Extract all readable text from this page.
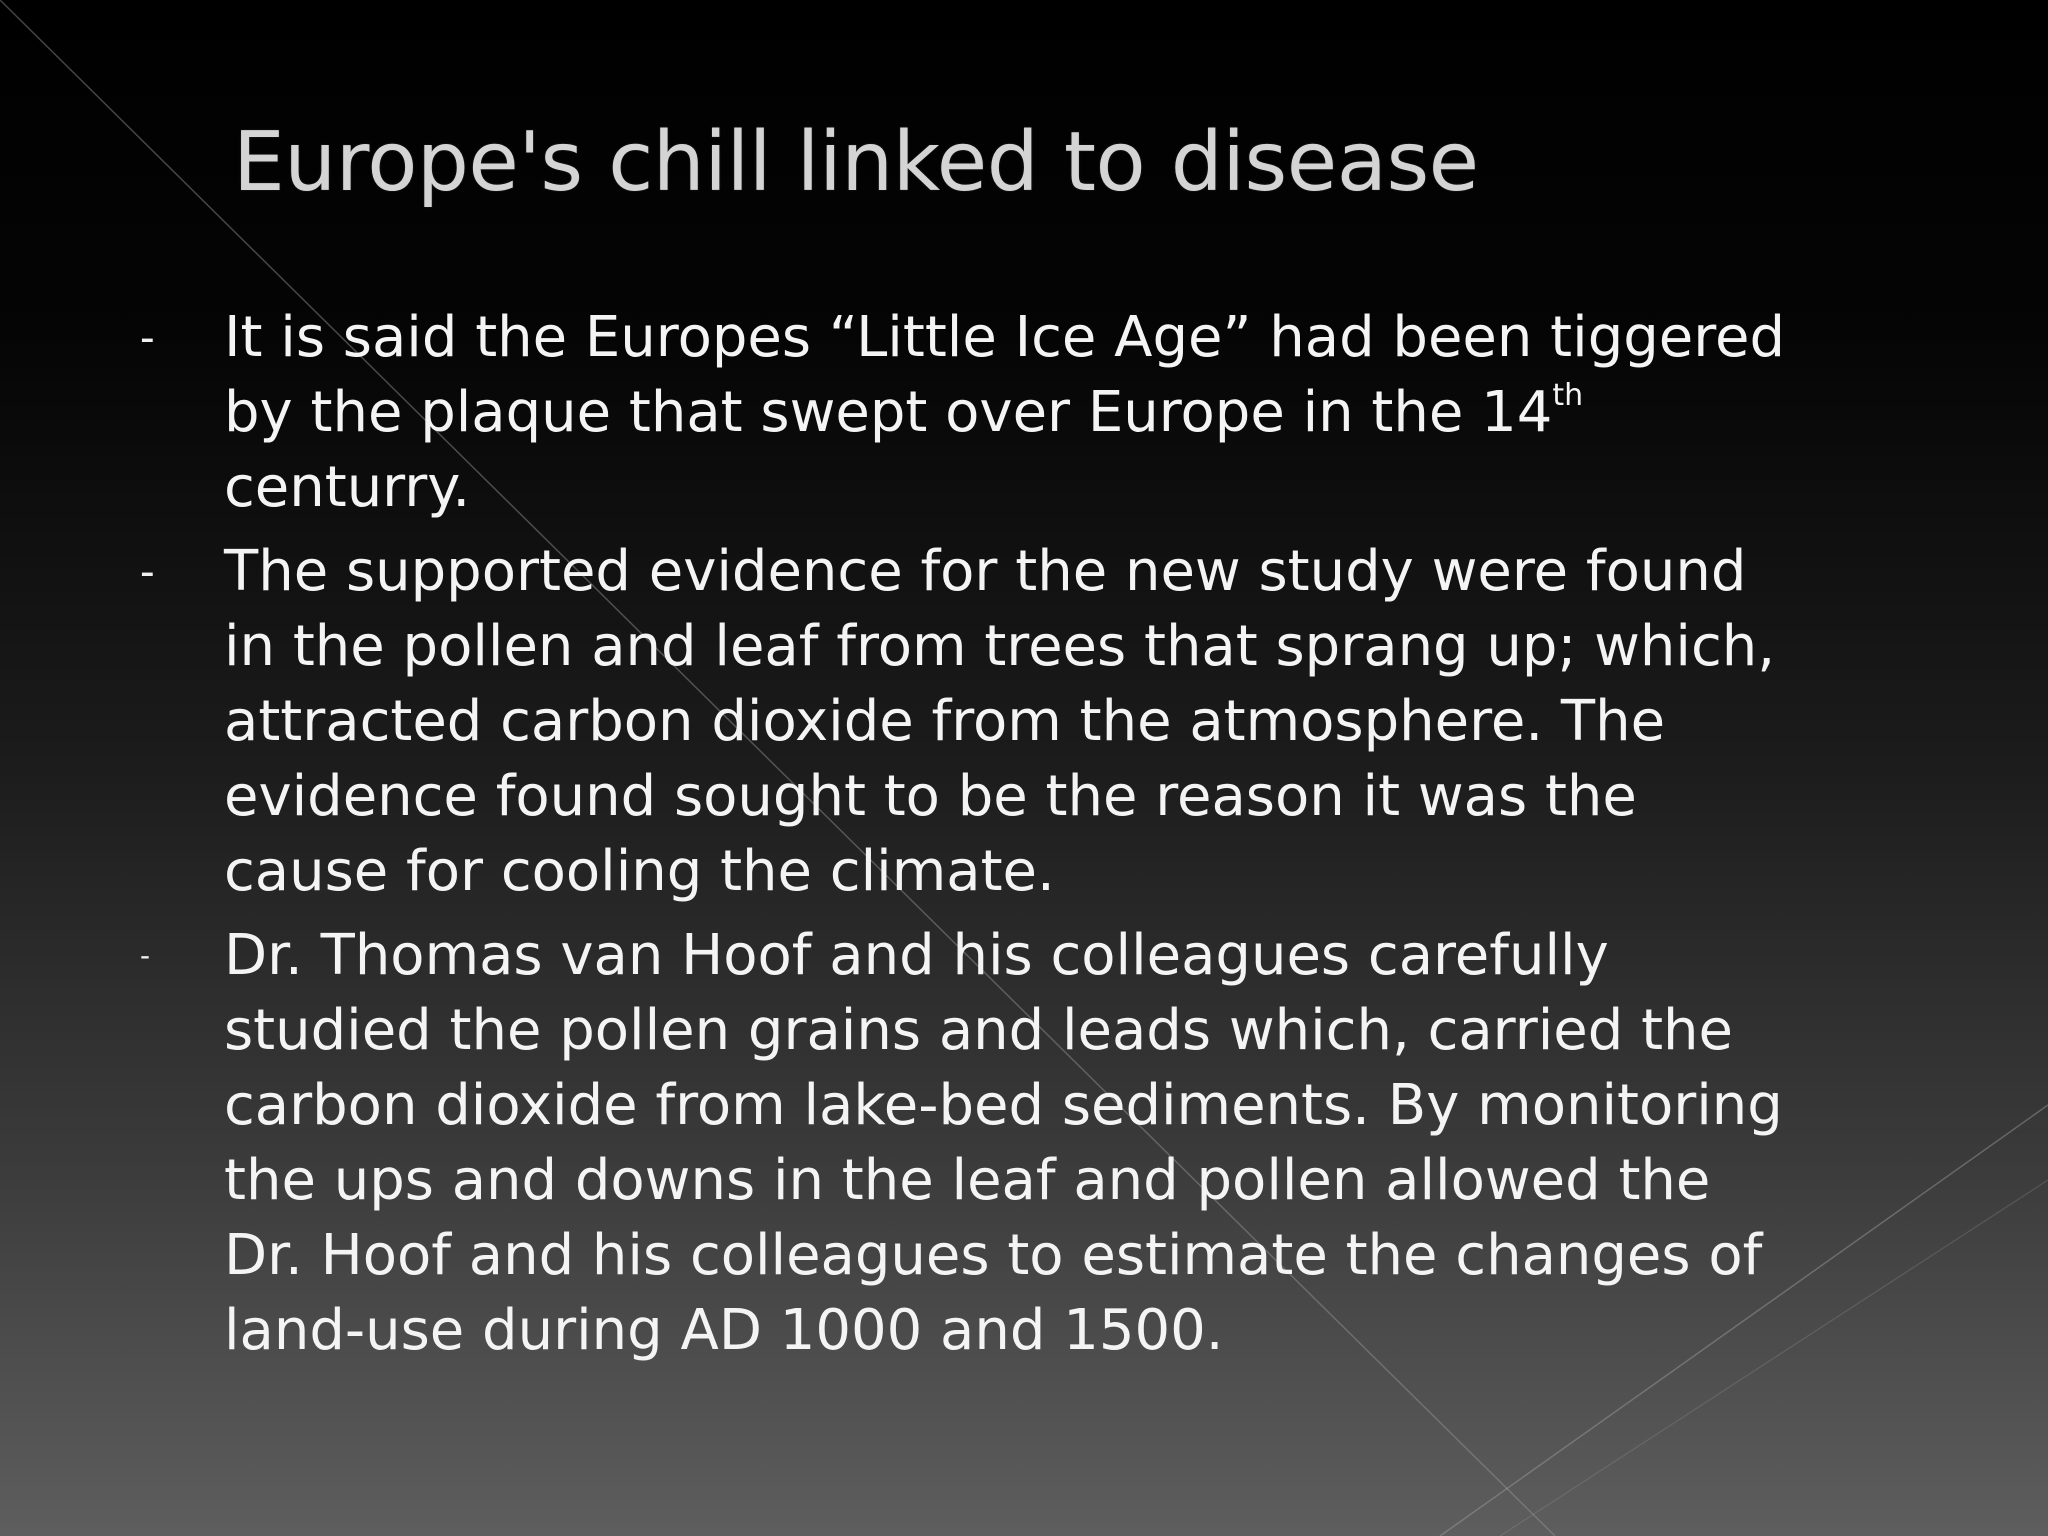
Europe's chill linked to disease
- It is said the Europes “Little Ice Age” had been tiggered
by the plaque that swept over Europe in the 14th
centurry.
- The supported evidence for the new study were found
in the pollen and leaf from trees that sprang up; which,
attracted carbon dioxide from the atmosphere. The
evidence found sought to be the reason it was the
cause for cooling the climate.
- Dr. Thomas van Hoof and his colleagues carefully
studied the pollen grains and leads which, carried the
carbon dioxide from lake-bed sediments. By monitoring
the ups and downs in the leaf and pollen allowed the
Dr. Hoof and his colleagues to estimate the changes of
land-use during AD 1000 and 1500.
